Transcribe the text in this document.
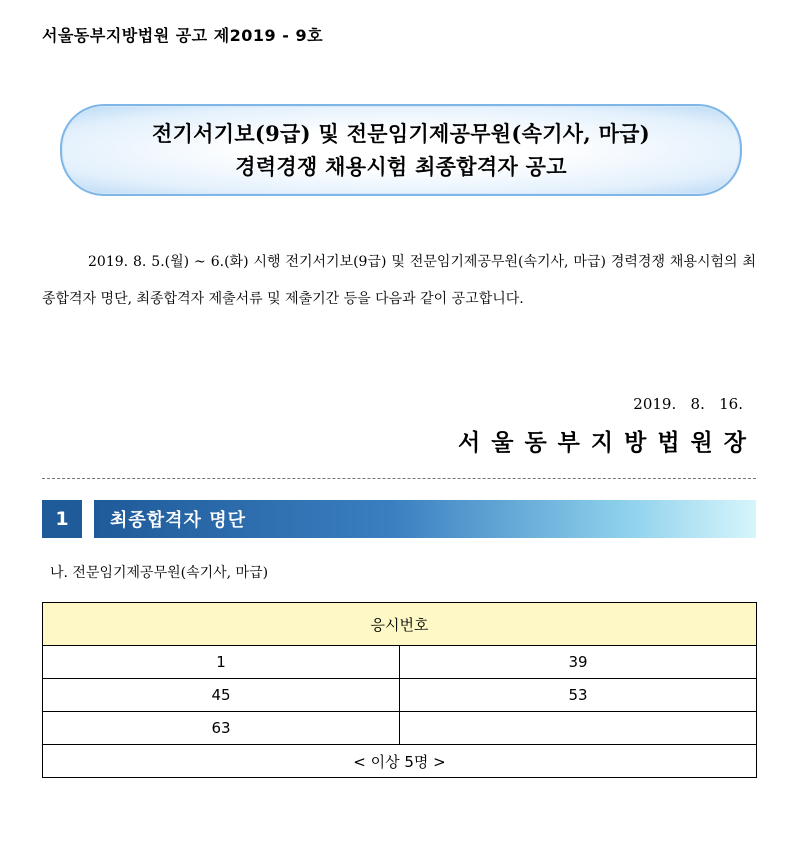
서울동부지방법원 공고 제2019 - 9호
전기서기보(9급) 및 전문임기제공무원(속기사, 마급)
경력경쟁 채용시험 최종합격자 공고

2019. 8. 5.(월) ~ 6.(화) 시행 전기서기보(9급) 및 전문임기제공무원(속기사, 마급) 경력경쟁 채용시험의 최종합격자 명단, 최종합격자 제출서류 및 제출기간 등을 다음과 같이 공고합니다.

2019.   8.   16.
서울동부지방법원장
1	최종합격자 명단
나. 전문임기제공무원(속기사, 마급)
응시번호	
1	39
45	53
63	
< 이상 5명 >	
